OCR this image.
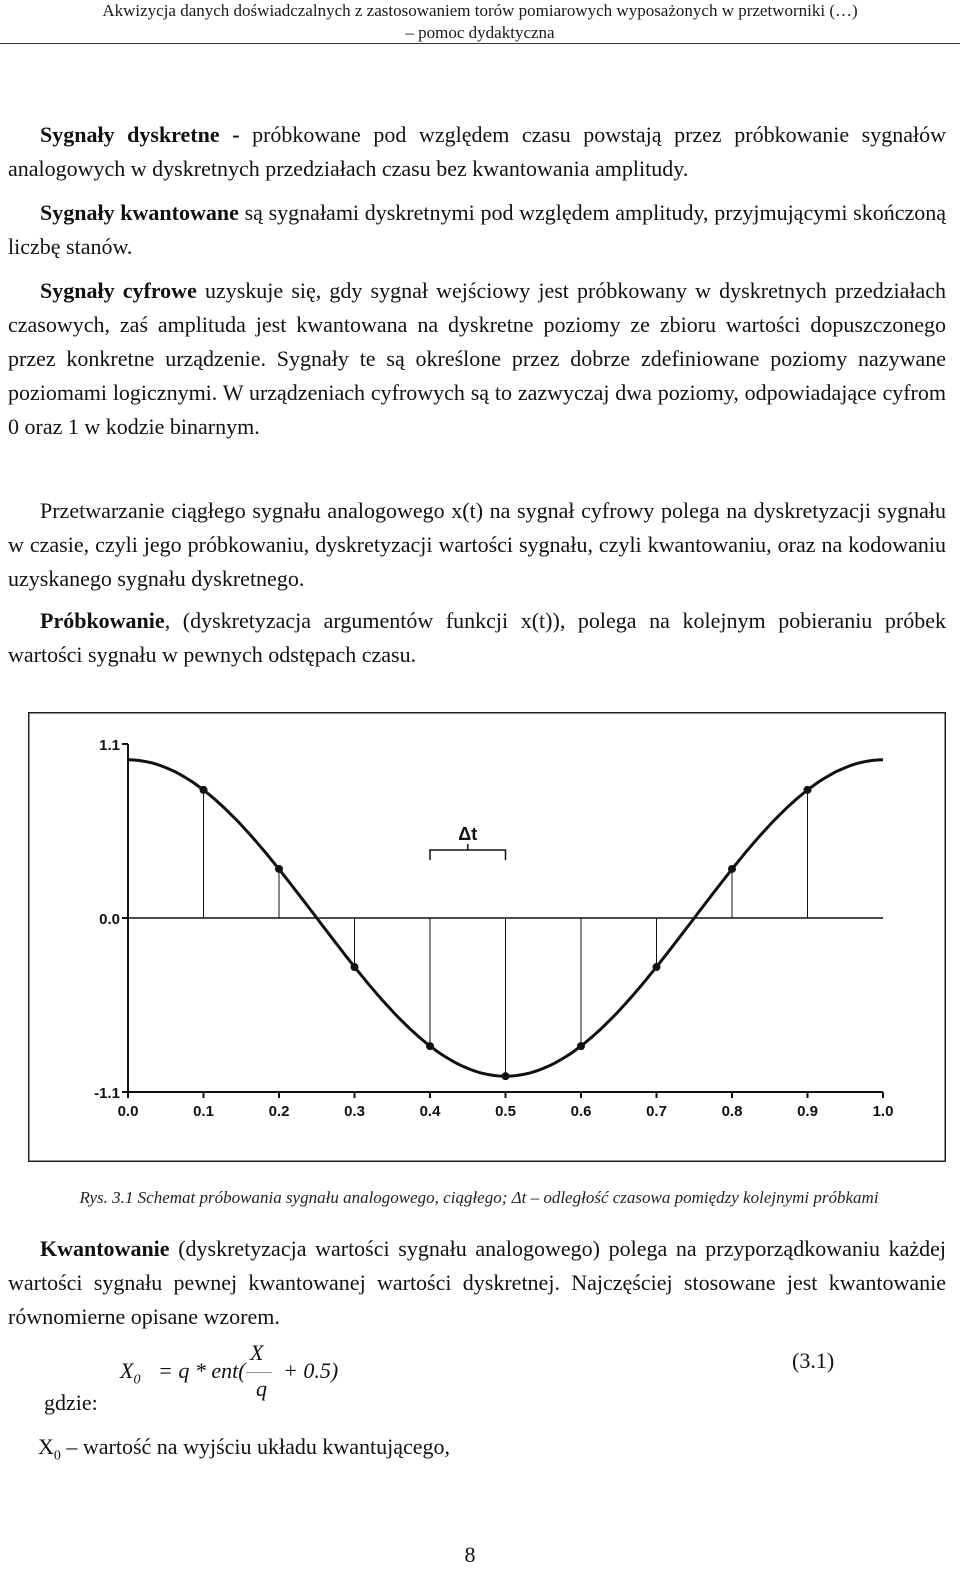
Akwizycja danych doświadczalnych z zastosowaniem torów pomiarowych wyposażonych w przetworniki (…)
– pomoc dydaktyczna
Sygnały dyskretne - próbkowane pod względem czasu powstają przez próbkowanie sygnałów analogowych w dyskretnych przedziałach czasu bez kwantowania amplitudy.
Sygnały kwantowane są sygnałami dyskretnymi pod względem amplitudy, przyjmującymi skończoną liczbę stanów.
Sygnały cyfrowe uzyskuje się, gdy sygnał wejściowy jest próbkowany w dyskretnych przedziałach czasowych, zaś amplituda jest kwantowana na dyskretne poziomy ze zbioru wartości dopuszczonego przez konkretne urządzenie. Sygnały te są określone przez dobrze zdefiniowane poziomy nazywane poziomami logicznymi. W urządzeniach cyfrowych są to zazwyczaj dwa poziomy, odpowiadające cyfrom 0 oraz 1 w kodzie binarnym.
Przetwarzanie ciągłego sygnału analogowego x(t) na sygnał cyfrowy polega na dyskretyzacji sygnału w czasie, czyli jego próbkowaniu, dyskretyzacji wartości sygnału, czyli kwantowaniu, oraz na kodowaniu uzyskanego sygnału dyskretnego.
Próbkowanie, (dyskretyzacja argumentów funkcji x(t)), polega na kolejnym pobieraniu próbek wartości sygnału w pewnych odstępach czasu.
1.1
0.0
-1.1
0.0	0.1	0.2	0.3	0.4	0.5	0.6	0.7	0.8	0.9	1.0
Δt
Rys. 3.1 Schemat próbowania sygnału analogowego, ciągłego; Δt – odległość czasowa pomiędzy kolejnymi próbkami
Kwantowanie (dyskretyzacja wartości sygnału analogowego) polega na przyporządkowaniu każdej wartości sygnału pewnej kwantowanej wartości dyskretnej. Najczęściej stosowane jest kwantowanie równomierne opisane wzorem.
$X_0 = q * ent( + 0.5)$
X
q
(3.1)
gdzie:
$X_0$ – wartość na wyjściu układu kwantującego,
8
